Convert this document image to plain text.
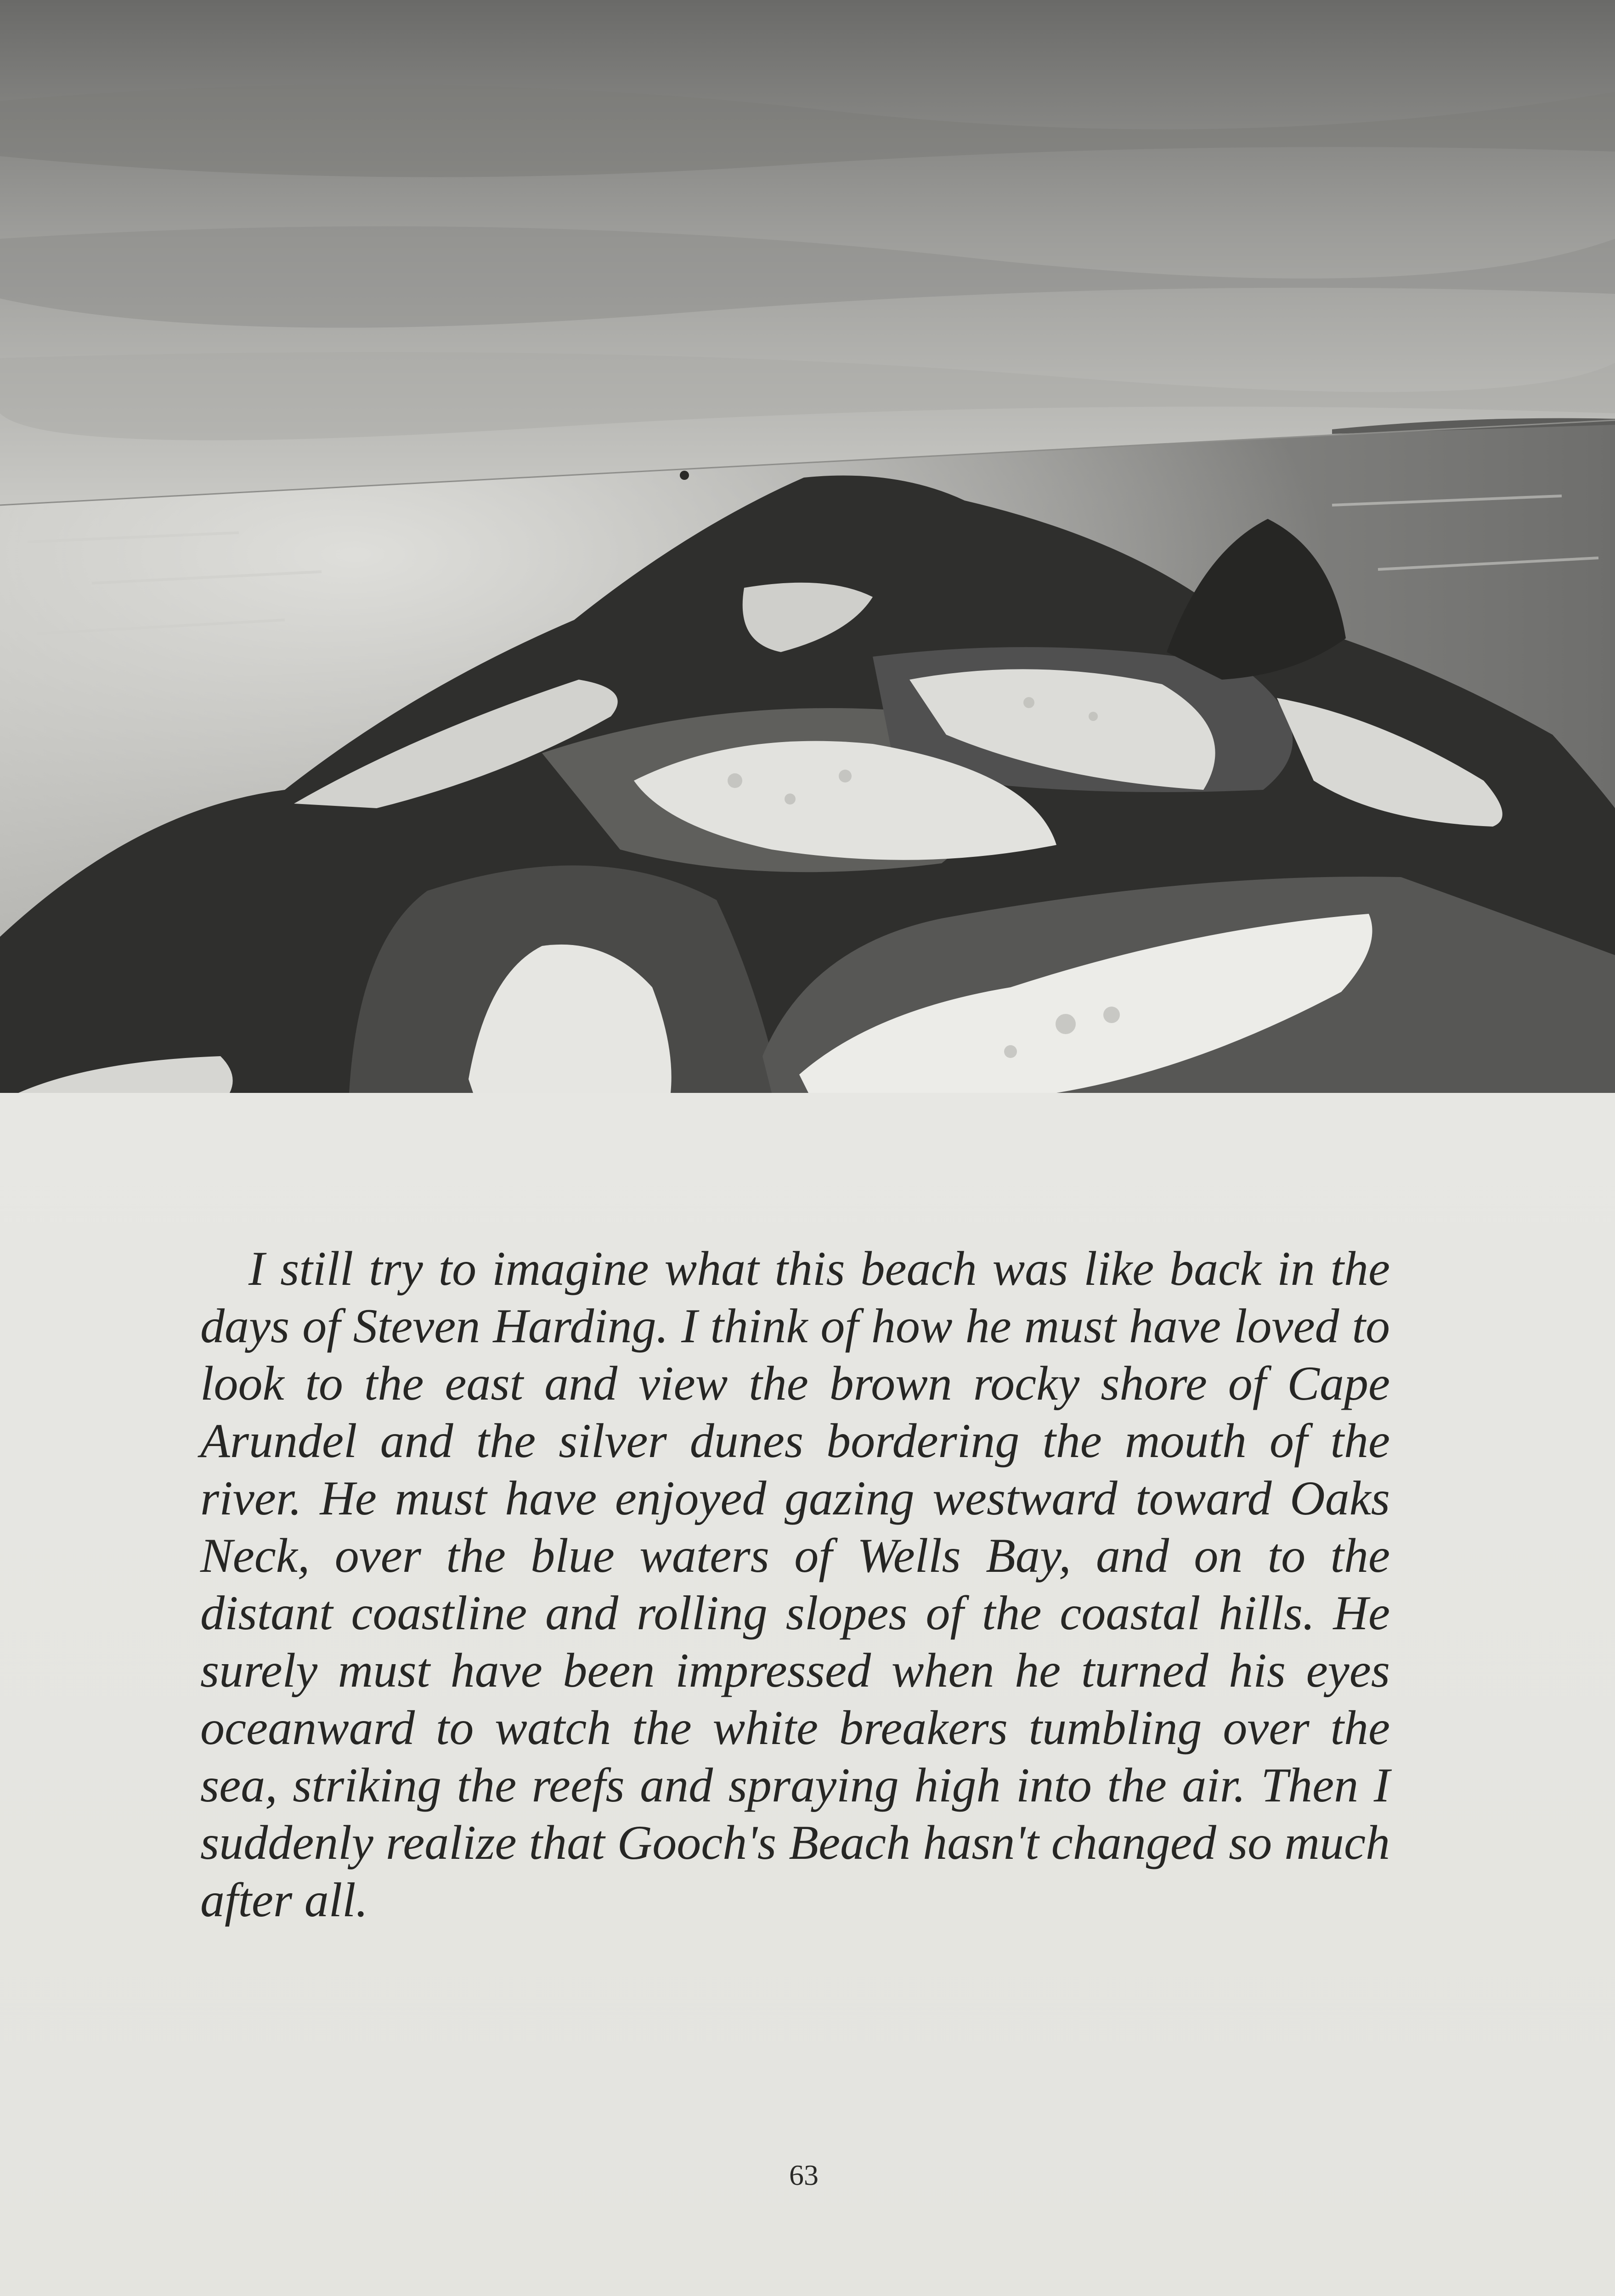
I still try to imagine what this beach was like back in the days of Steven Harding. I think of how he must have loved to look to the east and view the brown rocky shore of Cape Arundel and the silver dunes bordering the mouth of the river. He must have enjoyed gazing westward toward Oaks Neck, over the blue waters of Wells Bay, and on to the distant coastline and rolling slopes of the coastal hills. He surely must have been impressed when he turned his eyes oceanward to watch the white breakers tumbling over the sea, striking the reefs and spraying high into the air. Then I suddenly realize that Gooch's Beach hasn't changed so much after all.

63
